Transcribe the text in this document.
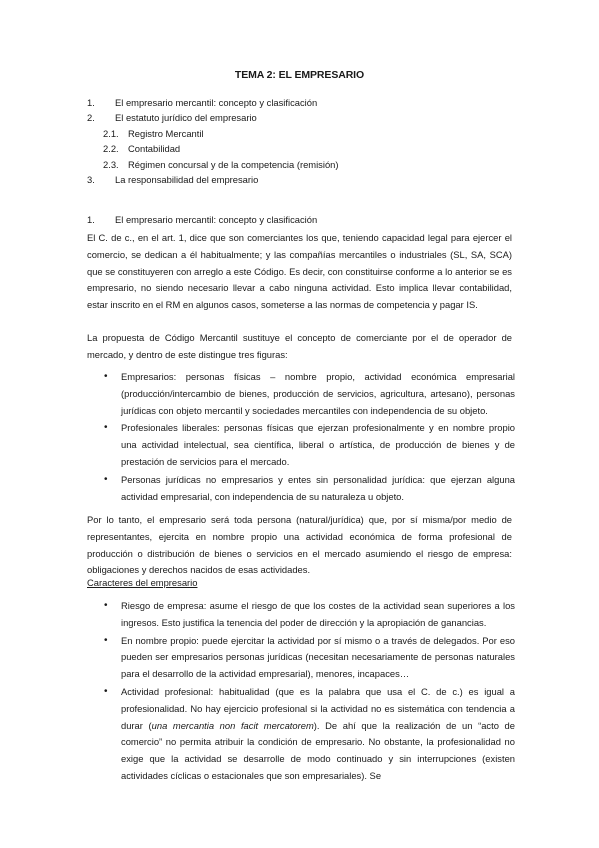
TEMA 2: EL EMPRESARIO
1.	El empresario mercantil: concepto y clasificación
2.	El estatuto jurídico del empresario
2.1. Registro Mercantil
2.2. Contabilidad
2.3. Régimen concursal y de la competencia (remisión)
3.	La responsabilidad del empresario
1.	El empresario mercantil: concepto y clasificación

El C. de c., en el art. 1, dice que son comerciantes los que, teniendo capacidad legal para ejercer el comercio, se dedican a él habitualmente; y las compañías mercantiles o industriales (SL, SA, SCA) que se constituyeren con arreglo a este Código. Es decir, con constituirse conforme a lo anterior se es empresario, no siendo necesario llevar a cabo ninguna actividad. Esto implica llevar contabilidad, estar inscrito en el RM en algunos casos, someterse a las normas de competencia y pagar IS.

La propuesta de Código Mercantil sustituye el concepto de comerciante por el de operador de mercado, y dentro de este distingue tres figuras:

• Empresarios: personas físicas – nombre propio, actividad económica empresarial (producción/intercambio de bienes, producción de servicios, agricultura, artesano), personas jurídicas con objeto mercantil y sociedades mercantiles con independencia de su objeto.
• Profesionales liberales: personas físicas que ejerzan profesionalmente y en nombre propio una actividad intelectual, sea científica, liberal o artística, de producción de bienes y de prestación de servicios para el mercado.
• Personas jurídicas no empresarios y entes sin personalidad jurídica: que ejerzan alguna actividad empresarial, con independencia de su naturaleza u objeto.

Por lo tanto, el empresario será toda persona (natural/jurídica) que, por sí misma/por medio de representantes, ejercita en nombre propio una actividad económica de forma profesional de producción o distribución de bienes o servicios en el mercado asumiendo el riesgo de empresa: obligaciones y derechos nacidos de esas actividades.

Caracteres del empresario
• Riesgo de empresa: asume el riesgo de que los costes de la actividad sean superiores a los ingresos. Esto justifica la tenencia del poder de dirección y la apropiación de ganancias.
• En nombre propio: puede ejercitar la actividad por sí mismo o a través de delegados. Por eso pueden ser empresarios personas jurídicas (necesitan necesariamente de personas naturales para el desarrollo de la actividad empresarial), menores, incapaces…
• Actividad profesional: habitualidad (que es la palabra que usa el C. de c.) es igual a profesionalidad. No hay ejercicio profesional si la actividad no es sistemática con tendencia a durar (una mercantia non facit mercatorem). De ahí que la realización de un “acto de comercio” no permita atribuir la condición de empresario. No obstante, la profesionalidad no exige que la actividad se desarrolle de modo continuado y sin interrupciones (existen actividades cíclicas o estacionales que son empresariales). Se
